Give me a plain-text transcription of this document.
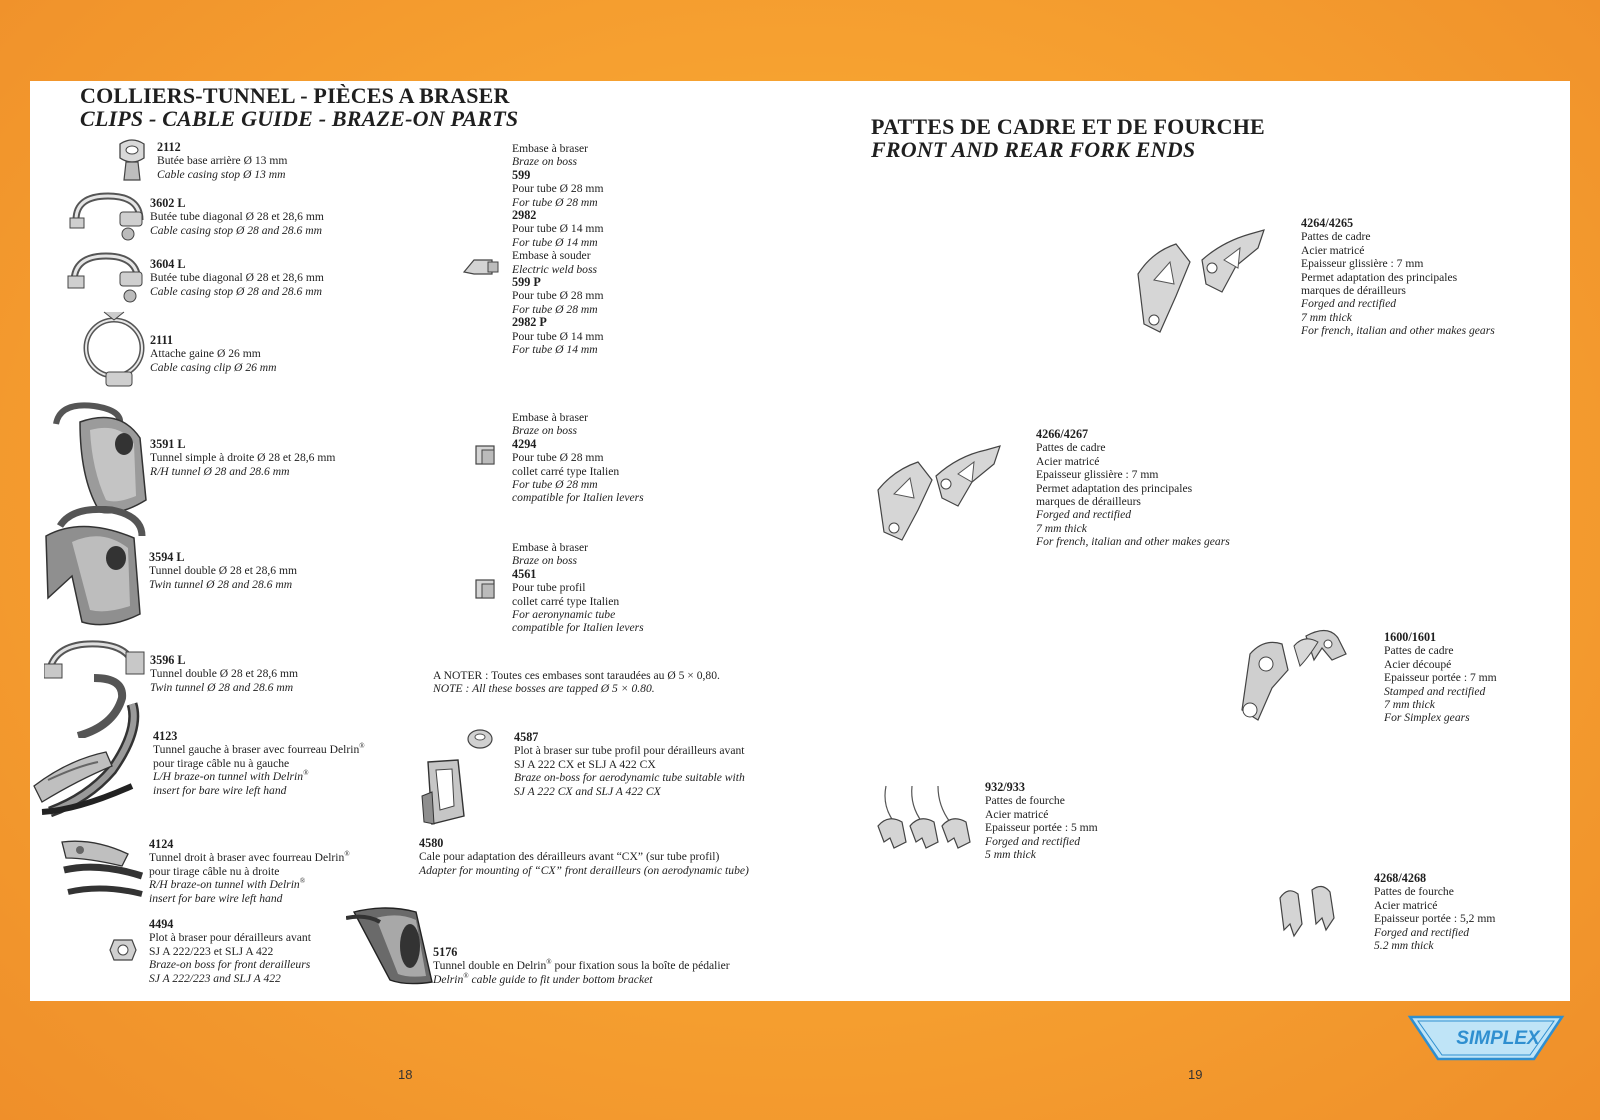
COLLIERS-TUNNEL - PIÈCES A BRASER
CLIPS - CABLE GUIDE - BRAZE-ON PARTS	PATTES DE CADRE ET DE FOURCHE
FRONT AND REAR FORK ENDS
2112
Butée base arrière Ø 13 mm
Cable casing stop Ø 13 mm
3602 L
Butée tube diagonal Ø 28 et 28,6 mm
Cable casing stop Ø 28 and 28.6 mm
3604 L
Butée tube diagonal Ø 28 et 28,6 mm
Cable casing stop Ø 28 and 28.6 mm
2111
Attache gaine Ø 26 mm
Cable casing clip Ø 26 mm
3591 L
Tunnel simple à droite Ø 28 et 28,6 mm
R/H tunnel Ø 28 and 28.6 mm
3594 L
Tunnel double Ø 28 et 28,6 mm
Twin tunnel Ø 28 and 28.6 mm
3596 L
Tunnel double Ø 28 et 28,6 mm
Twin tunnel Ø 28 and 28.6 mm
4123
Tunnel gauche à braser avec fourreau Delrin®
pour tirage câble nu à gauche
L/H braze-on tunnel with Delrin®
insert for bare wire left hand
4124
Tunnel droit à braser avec fourreau Delrin®
pour tirage câble nu à droite
R/H braze-on tunnel with Delrin®
insert for bare wire left hand
4494
Plot à braser pour dérailleurs avant
SJ A 222/223 et SLJ A 422
Braze-on boss for front derailleurs
SJ A 222/223 and SLJ A 422
Embase à braser
Braze on boss
599
Pour tube Ø 28 mm
For tube Ø 28 mm
2982
Pour tube Ø 14 mm
For tube Ø 14 mm
Embase à souder
Electric weld boss
599 P
Pour tube Ø 28 mm
For tube Ø 28 mm
2982 P
Pour tube Ø 14 mm
For tube Ø 14 mm
Embase à braser
Braze on boss
4294
Pour tube Ø 28 mm
collet carré type Italien
For tube Ø 28 mm
compatible for Italien levers
Embase à braser
Braze on boss
4561
Pour tube profil
collet carré type Italien
For aeronynamic tube
compatible for Italien levers
A NOTER : Toutes ces embases sont taraudées au Ø 5 × 0,80.
NOTE : All these bosses are tapped Ø 5 × 0.80.
4587
Plot à braser sur tube profil pour dérailleurs avant
SJ A 222 CX et SLJ A 422 CX
Braze on-boss for aerodynamic tube suitable with
SJ A 222 CX and SLJ A 422 CX
4580
Cale pour adaptation des dérailleurs avant “CX” (sur tube profil)
Adapter for mounting of “CX” front derailleurs (on aerodynamic tube)
5176
Tunnel double en Delrin® pour fixation sous la boîte de pédalier
Delrin® cable guide to fit under bottom bracket
4264/4265
Pattes de cadre
Acier matricé
Epaisseur glissière : 7 mm
Permet adaptation des principales
marques de dérailleurs
Forged and rectified
7 mm thick
For french, italian and other makes gears
4266/4267
Pattes de cadre
Acier matricé
Epaisseur glissière : 7 mm
Permet adaptation des principales
marques de dérailleurs
Forged and rectified
7 mm thick
For french, italian and other makes gears
1600/1601
Pattes de cadre
Acier découpé
Epaisseur portée : 7 mm
Stamped and rectified
7 mm thick
For Simplex gears
932/933
Pattes de fourche
Acier matricé
Epaisseur portée : 5 mm
Forged and rectified
5 mm thick
4268/4268
Pattes de fourche
Acier matricé
Epaisseur portée : 5,2 mm
Forged and rectified
5.2 mm thick
SIMPLEX
18	19
